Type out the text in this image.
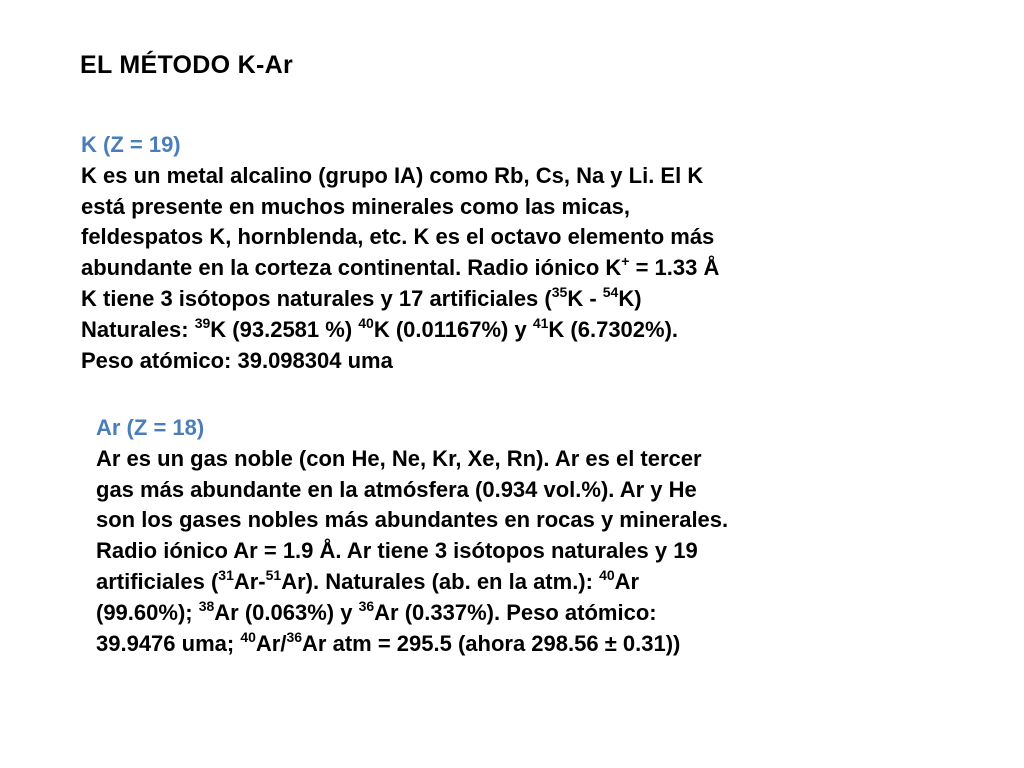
EL MÉTODO K-Ar
K (Z = 19)
K es un metal alcalino (grupo IA) como Rb, Cs, Na y Li. El K
está presente en muchos minerales como las micas,
feldespatos K, hornblenda, etc. K es el octavo elemento más
abundante en la corteza continental. Radio iónico K+ = 1.33 Å
K tiene 3 isótopos naturales y 17 artificiales ($^{35}$K - $^{54}$K)
Naturales: $^{39}$K (93.2581 %) $^{40}$K (0.01167%) y $^{41}$K (6.7302%).
Peso atómico: 39.098304 uma
Ar (Z = 18)
Ar es un gas noble (con He, Ne, Kr, Xe, Rn). Ar es el tercer
gas más abundante en la atmósfera (0.934 vol.%). Ar y He
son los gases nobles más abundantes en rocas y minerales.
Radio iónico Ar = 1.9 Å. Ar tiene 3 isótopos naturales y 19
artificiales ($^{31}$Ar-$^{51}$Ar). Naturales (ab. en la atm.): $^{40}$Ar
(99.60%); $^{38}$Ar (0.063%) y $^{36}$Ar (0.337%). Peso atómico:
39.9476 uma; $^{40}$Ar/$^{36}$Ar atm = 295.5 (ahora 298.56 ± 0.31))
